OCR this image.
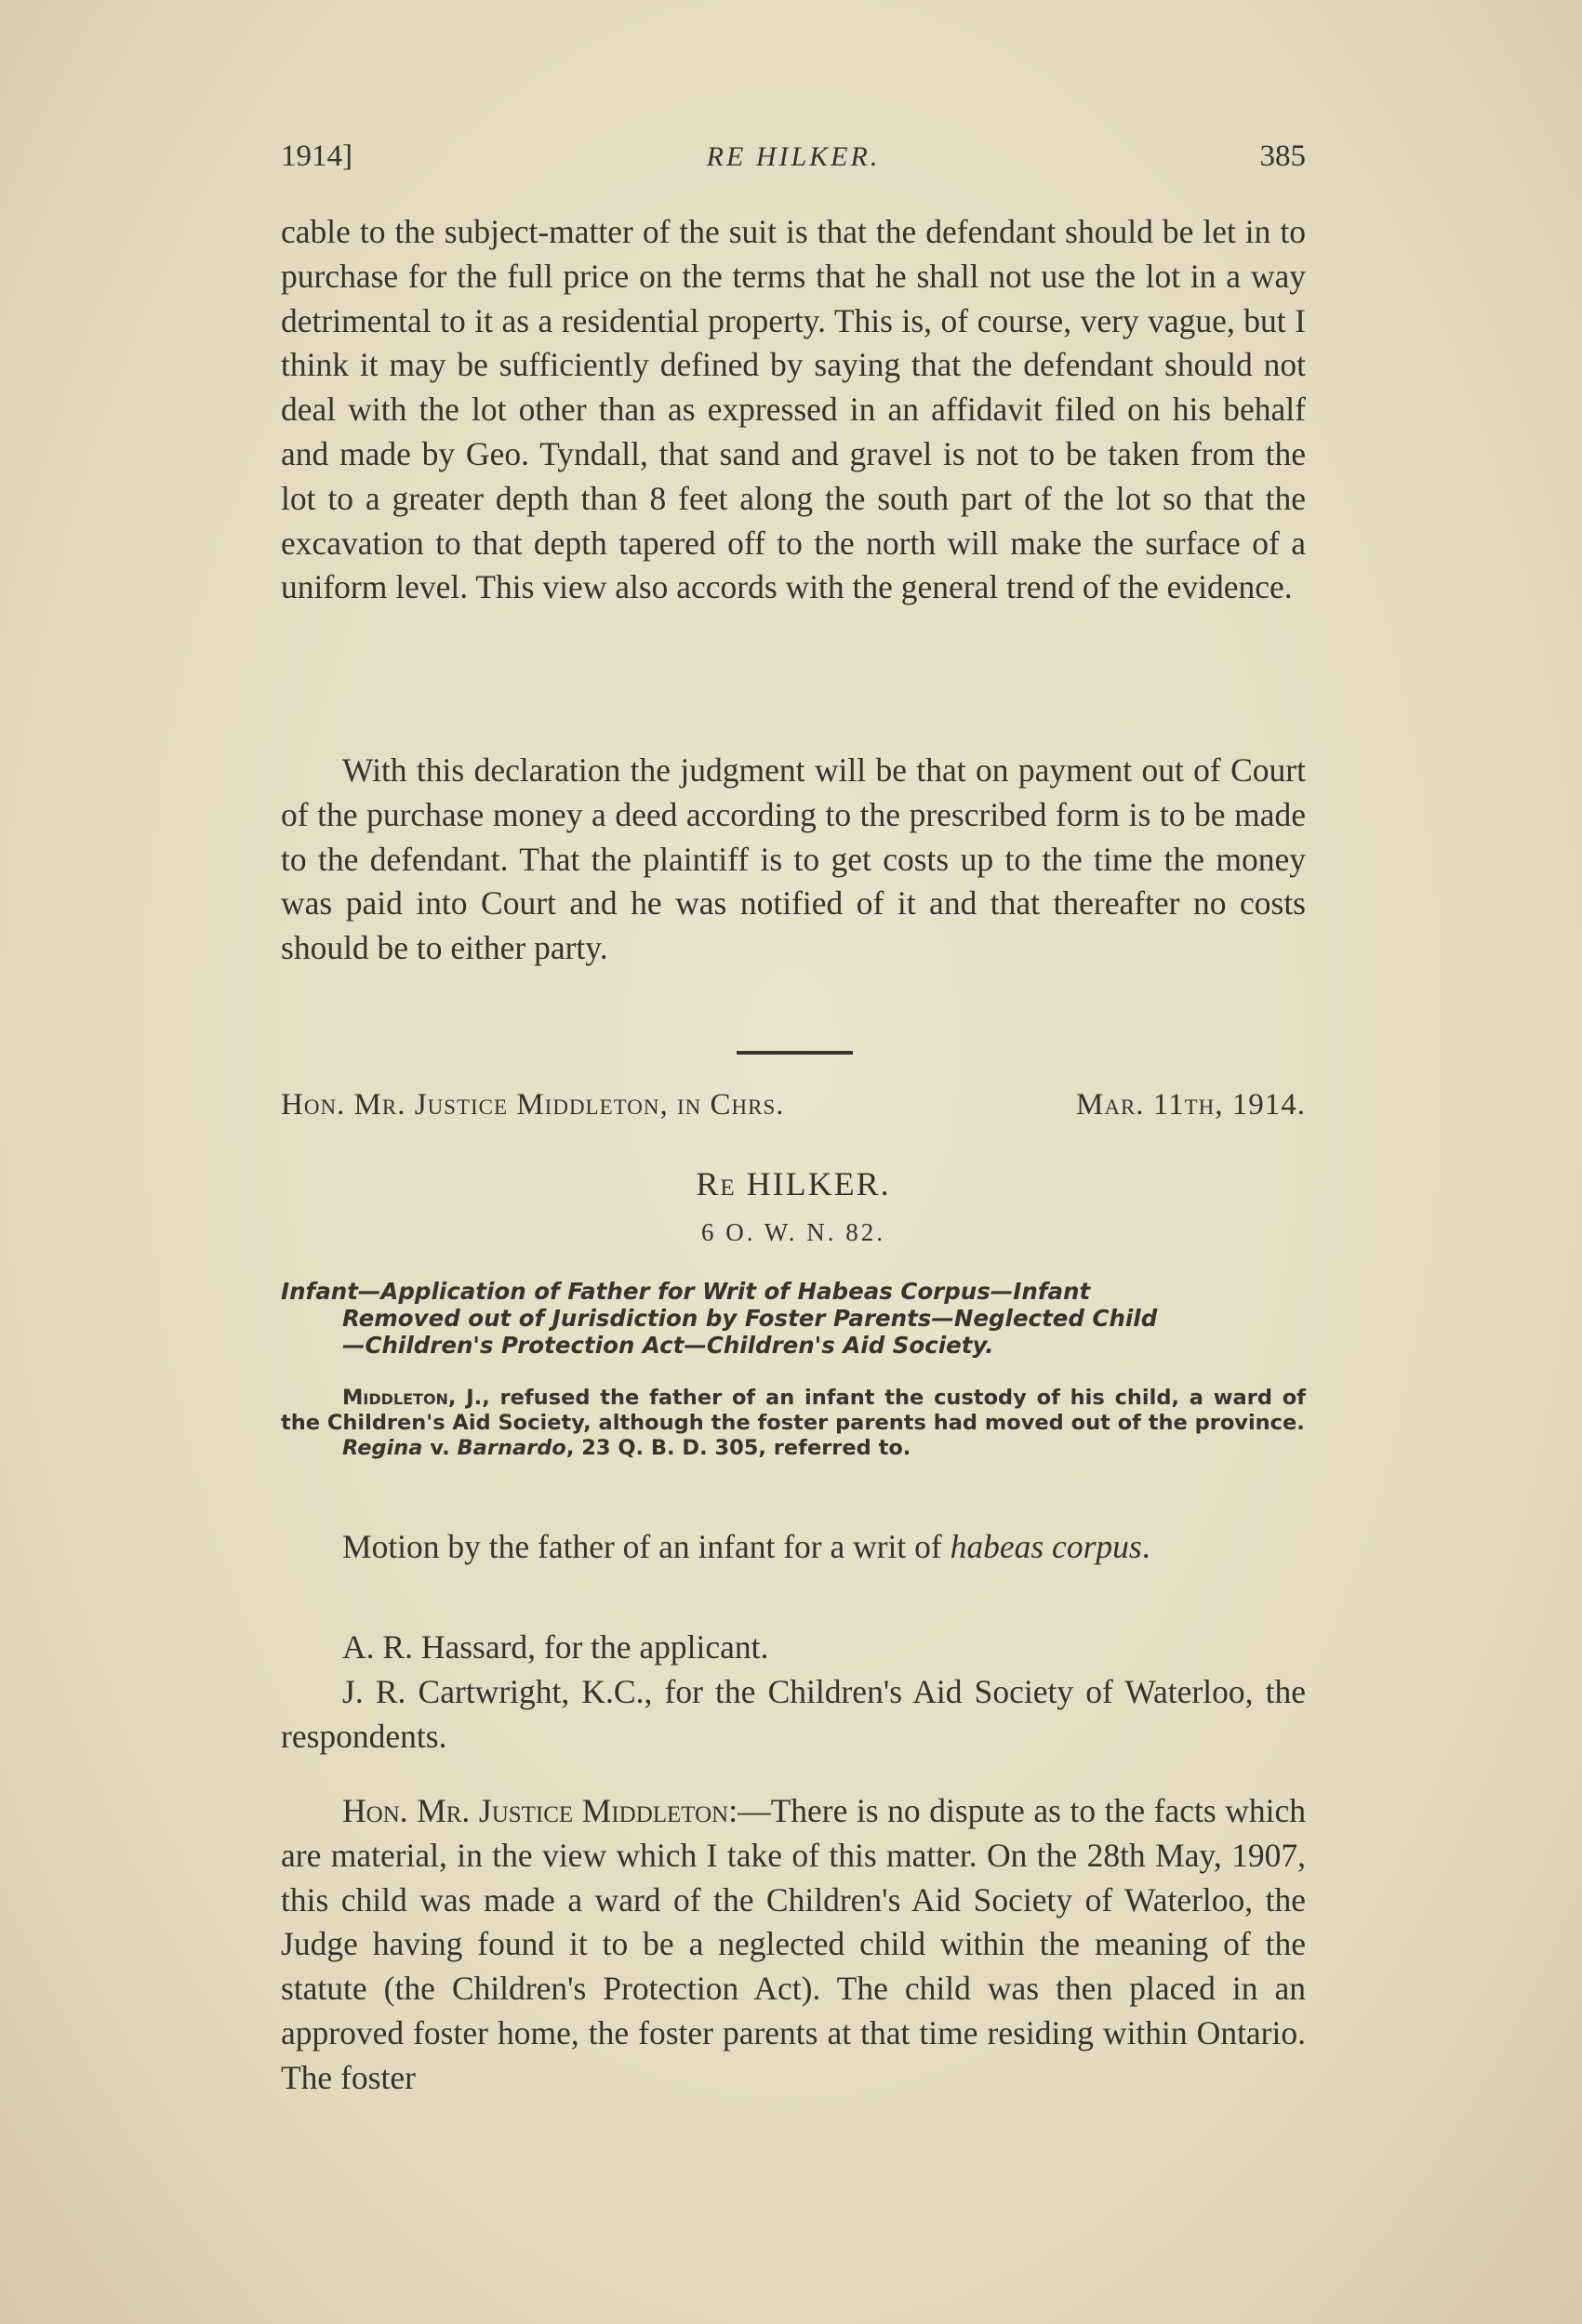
1914]	RE HILKER.	385

cable to the subject-matter of the suit is that the defendant should be let in to purchase for the full price on the terms that he shall not use the lot in a way detrimental to it as a residential property. This is, of course, very vague, but I think it may be sufficiently defined by saying that the defendant should not deal with the lot other than as expressed in an affidavit filed on his behalf and made by Geo. Tyndall, that sand and gravel is not to be taken from the lot to a greater depth than 8 feet along the south part of the lot so that the excavation to that depth tapered off to the north will make the surface of a uniform level. This view also accords with the general trend of the evidence.

With this declaration the judgment will be that on payment out of Court of the purchase money a deed according to the prescribed form is to be made to the defendant. That the plaintiff is to get costs up to the time the money was paid into Court and he was notified of it and that thereafter no costs should be to either party.

Hon. Mr. Justice Middleton, in Chrs.	Mar. 11th, 1914.
Re HILKER.
6 O. W. N. 82.
Infant—Application of Father for Writ of Habeas Corpus—Infant
Removed out of Jurisdiction by Foster Parents—Neglected Child
—Children's Protection Act—Children's Aid Society.

Middleton, J., refused the father of an infant the custody of his child, a ward of the Children's Aid Society, although the foster parents had moved out of the province.

Regina v. Barnardo, 23 Q. B. D. 305, referred to.

Motion by the father of an infant for a writ of habeas corpus.

A. R. Hassard, for the applicant.

J. R. Cartwright, K.C., for the Children's Aid Society of Waterloo, the respondents.

Hon. Mr. Justice Middleton:—There is no dispute as to the facts which are material, in the view which I take of this matter. On the 28th May, 1907, this child was made a ward of the Children's Aid Society of Waterloo, the Judge having found it to be a neglected child within the meaning of the statute (the Children's Protection Act). The child was then placed in an approved foster home, the foster parents at that time residing within Ontario. The foster
